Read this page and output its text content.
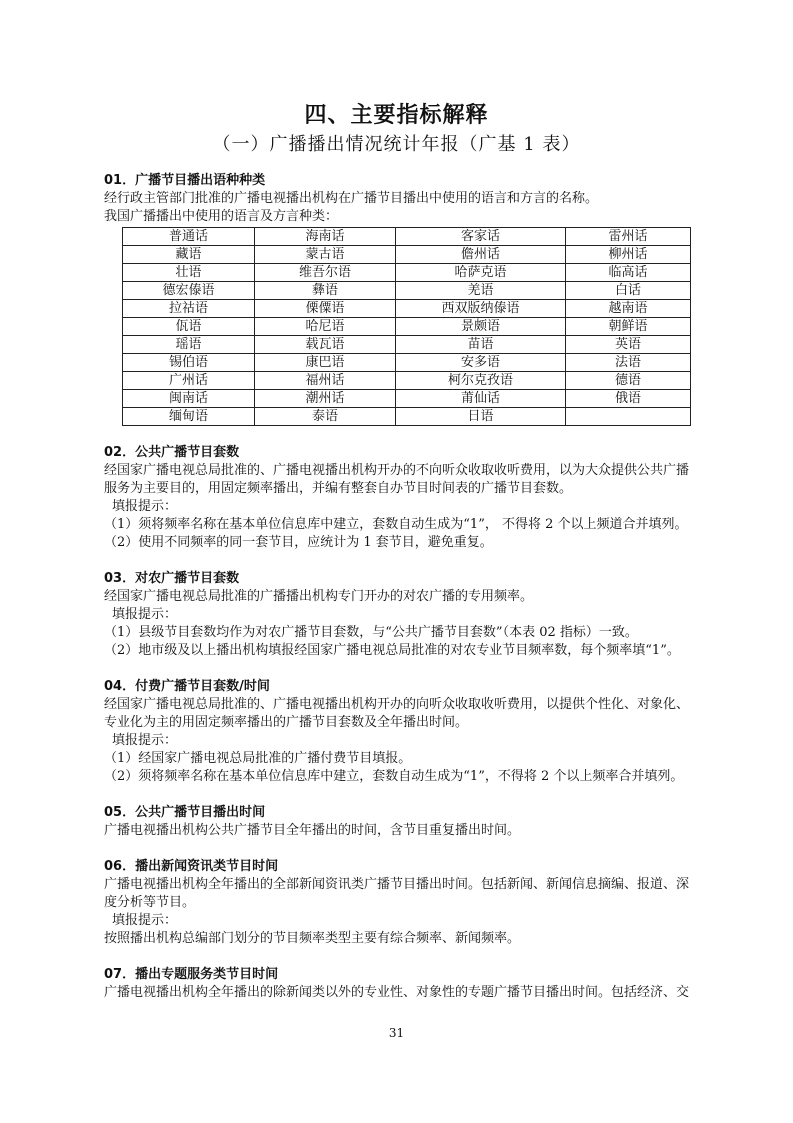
四、主要指标解释
（一）广播播出情况统计年报（广基 1 表）
01．广播节目播出语种种类

经行政主管部门批准的广播电视播出机构在广播节目播出中使用的语言和方言的名称。

我国广播播出中使用的语言及方言种类：

普通话	海南话	客家话	雷州话
藏语	蒙古语	儋州话	柳州话
壮语	维吾尔语	哈萨克语	临高话
德宏傣语	彝语	羌语	白话
拉祜语	傈僳语	西双版纳傣语	越南语
佤语	哈尼语	景颇语	朝鲜语
瑶语	载瓦语	苗语	英语
锡伯语	康巴语	安多语	法语
广州话	福州话	柯尔克孜语	德语
闽南话	潮州话	莆仙话	俄语
缅甸语	泰语	日语	
02．公共广播节目套数

经国家广播电视总局批准的、广播电视播出机构开办的不向听众收取收听费用，以为大众提供公共广播

服务为主要目的，用固定频率播出，并编有整套自办节目时间表的广播节目套数。

填报提示：

（1）须将频率名称在基本单位信息库中建立，套数自动生成为“1”， 不得将 2 个以上频道合并填列。

（2）使用不同频率的同一套节目，应统计为 1 套节目，避免重复。

03．对农广播节目套数

经国家广播电视总局批准的广播播出机构专门开办的对农广播的专用频率。

填报提示：

（1）县级节目套数均作为对农广播节目套数，与“公共广播节目套数”（本表 02 指标）一致。

（2）地市级及以上播出机构填报经国家广播电视总局批准的对农专业节目频率数，每个频率填“1”。

04．付费广播节目套数/时间

经国家广播电视总局批准的、广播电视播出机构开办的向听众收取收听费用，以提供个性化、对象化、

专业化为主的用固定频率播出的广播节目套数及全年播出时间。

填报提示：

（1）经国家广播电视总局批准的广播付费节目填报。

（2）须将频率名称在基本单位信息库中建立，套数自动生成为“1”，不得将 2 个以上频率合并填列。

05．公共广播节目播出时间

广播电视播出机构公共广播节目全年播出的时间，含节目重复播出时间。

06．播出新闻资讯类节目时间

广播电视播出机构全年播出的全部新闻资讯类广播节目播出时间。包括新闻、新闻信息摘编、报道、深

度分析等节目。

填报提示：

按照播出机构总编部门划分的节目频率类型主要有综合频率、新闻频率。

07．播出专题服务类节目时间

广播电视播出机构全年播出的除新闻类以外的专业性、对象性的专题广播节目播出时间。包括经济、交

31
